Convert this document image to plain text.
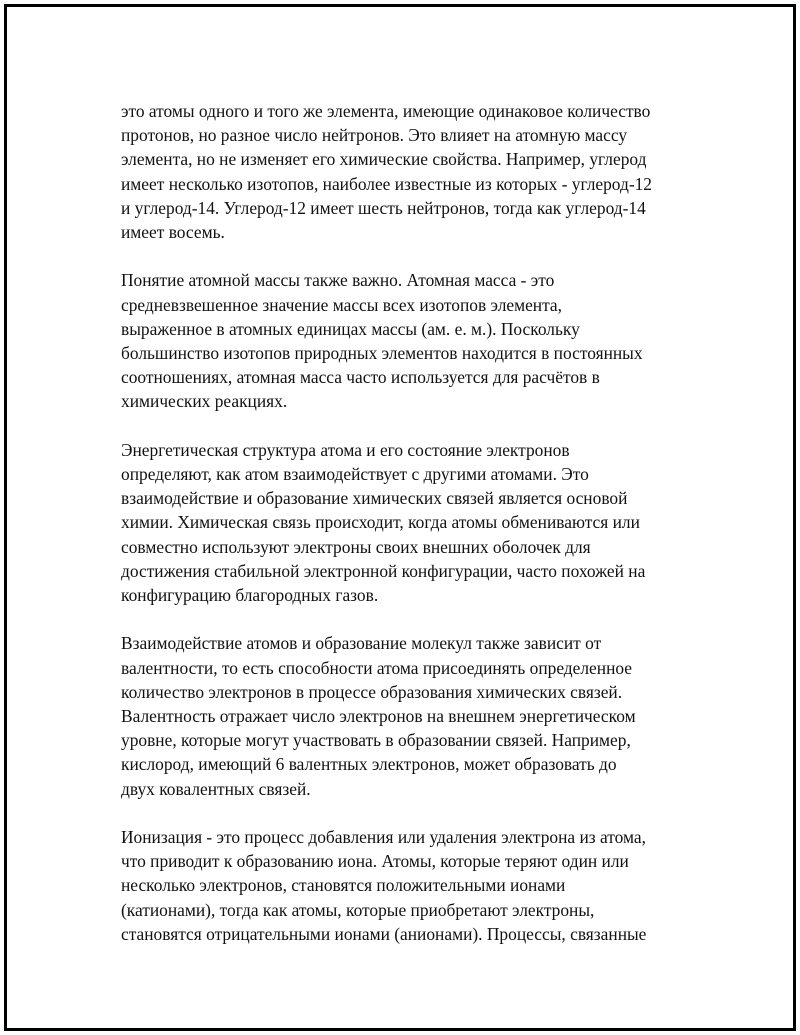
это атомы одного и того же элемента, имеющие одинаковое количество
протонов, но разное число нейтронов. Это влияет на атомную массу
элемента, но не изменяет его химические свойства. Например, углерод
имеет несколько изотопов, наиболее известные из которых - углерод-12
и углерод-14. Углерод-12 имеет шесть нейтронов, тогда как углерод-14
имеет восемь.

Понятие атомной массы также важно. Атомная масса - это
средневзвешенное значение массы всех изотопов элемента,
выраженное в атомных единицах массы (ам. е. м.). Поскольку
большинство изотопов природных элементов находится в постоянных
соотношениях, атомная масса часто используется для расчётов в
химических реакциях.

Энергетическая структура атома и его состояние электронов
определяют, как атом взаимодействует с другими атомами. Это
взаимодействие и образование химических связей является основой
химии. Химическая связь происходит, когда атомы обмениваются или
совместно используют электроны своих внешних оболочек для
достижения стабильной электронной конфигурации, часто похожей на
конфигурацию благородных газов.

Взаимодействие атомов и образование молекул также зависит от
валентности, то есть способности атома присоединять определенное
количество электронов в процессе образования химических связей.
Валентность отражает число электронов на внешнем энергетическом
уровне, которые могут участвовать в образовании связей. Например,
кислород, имеющий 6 валентных электронов, может образовать до
двух ковалентных связей.

Ионизация - это процесс добавления или удаления электрона из атома,
что приводит к образованию иона. Атомы, которые теряют один или
несколько электронов, становятся положительными ионами
(катионами), тогда как атомы, которые приобретают электроны,
становятся отрицательными ионами (анионами). Процессы, связанные
